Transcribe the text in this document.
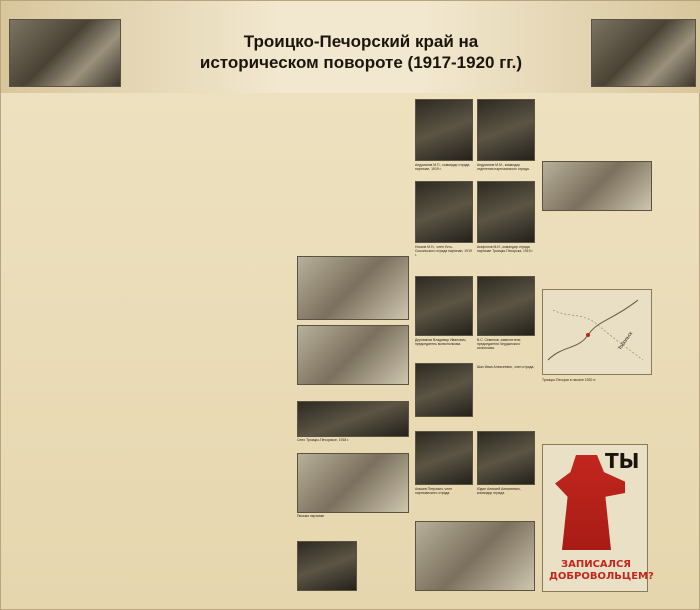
Троицко-Печорский край на
историческом повороте (1917-1920 гг.)

Село Троицко-Печорское, 1918 г.
Письмо партизан
Андрианов М.П., командир отряда партизан, 1919 г.
Андрианов М.М., командир отделения партизанского отряда.
Носков М.Н., член Усть-Сысольского отряда партизан, 1919 г.
Агафонов М.И., командир отряда партизан Троицко-Печорска, 1919 г.
Деревянов Владимир Иванович, председатель волисполкома.
В.С. Семенов, заместитель председателя Чердынского исполкома.
Шах Иван Алексеевич, член отряда.
Агашев Петрович, член партизанского отряда.
Юдин Алексей Алексеевич, командир отряда.

Тобольск
Троицко-Печорск в начале 1920 гг.
ТЫ
ЗАПИСАЛСЯ ДОБРОВОЛЬЦЕМ?
